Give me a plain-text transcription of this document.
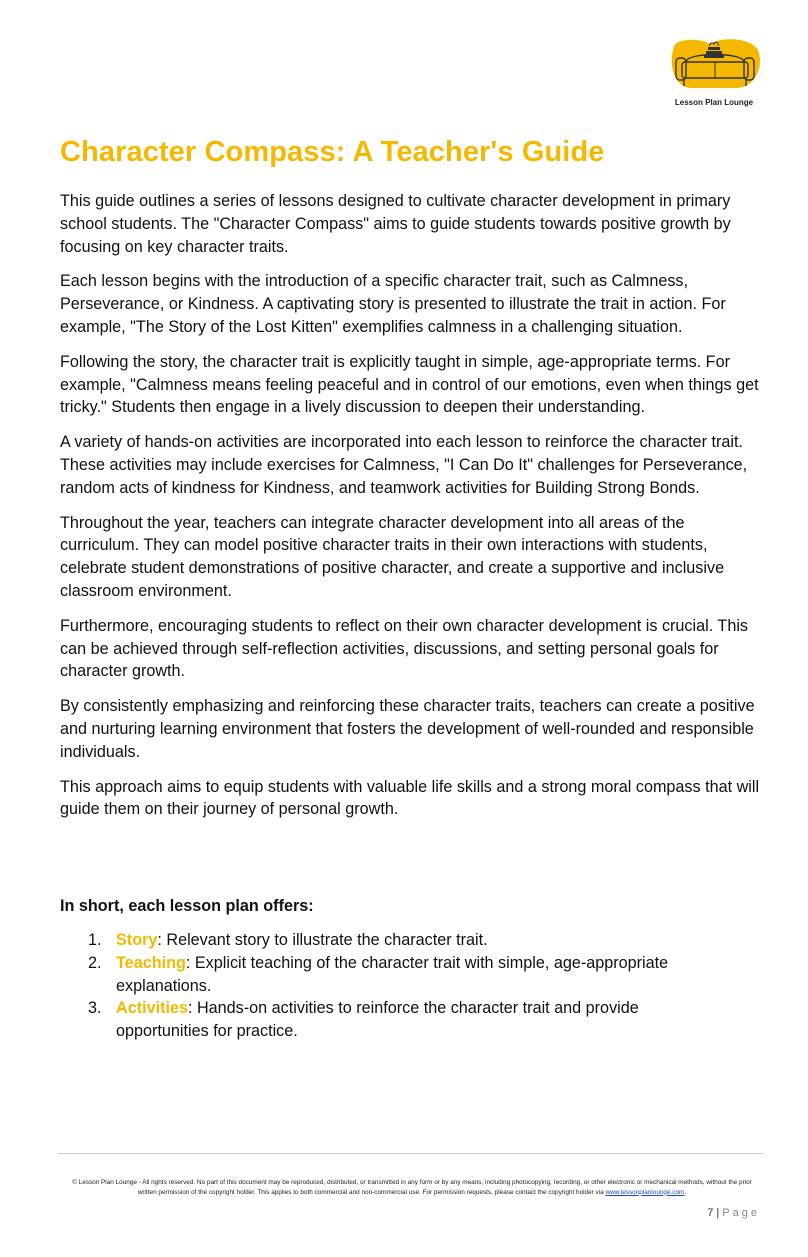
Lesson Plan Lounge
Character Compass: A Teacher's Guide

This guide outlines a series of lessons designed to cultivate character development in primary school students. The "Character Compass" aims to guide students towards positive growth by focusing on key character traits.

Each lesson begins with the introduction of a specific character trait, such as Calmness, Perseverance, or Kindness. A captivating story is presented to illustrate the trait in action. For example, "The Story of the Lost Kitten" exemplifies calmness in a challenging situation.

Following the story, the character trait is explicitly taught in simple, age-appropriate terms. For example, "Calmness means feeling peaceful and in control of our emotions, even when things get tricky." Students then engage in a lively discussion to deepen their understanding.

A variety of hands-on activities are incorporated into each lesson to reinforce the character trait. These activities may include exercises for Calmness, "I Can Do It" challenges for Perseverance, random acts of kindness for Kindness, and teamwork activities for Building Strong Bonds.

Throughout the year, teachers can integrate character development into all areas of the curriculum. They can model positive character traits in their own interactions with students, celebrate student demonstrations of positive character, and create a supportive and inclusive classroom environment.

Furthermore, encouraging students to reflect on their own character development is crucial. This can be achieved through self-reflection activities, discussions, and setting personal goals for character growth.

By consistently emphasizing and reinforcing these character traits, teachers can create a positive and nurturing learning environment that fosters the development of well-rounded and responsible individuals.

This approach aims to equip students with valuable life skills and a strong moral compass that will guide them on their journey of personal growth.

In short, each lesson plan offers:
1. Story: Relevant story to illustrate the character trait.
2. Teaching: Explicit teaching of the character trait with simple, age-appropriate explanations.
3. Activities: Hands-on activities to reinforce the character trait and provide opportunities for practice.
© Lesson Plan Lounge - All rights reserved. No part of this document may be reproduced, distributed, or transmitted in any form or by any means, including photocopying, recording, or other electronic or mechanical methods, without the prior written permission of the copyright holder. This applies to both commercial and non-commercial use. For permission requests, please contact the copyright holder via www.lessonplanlounge.com.
7 | Page
